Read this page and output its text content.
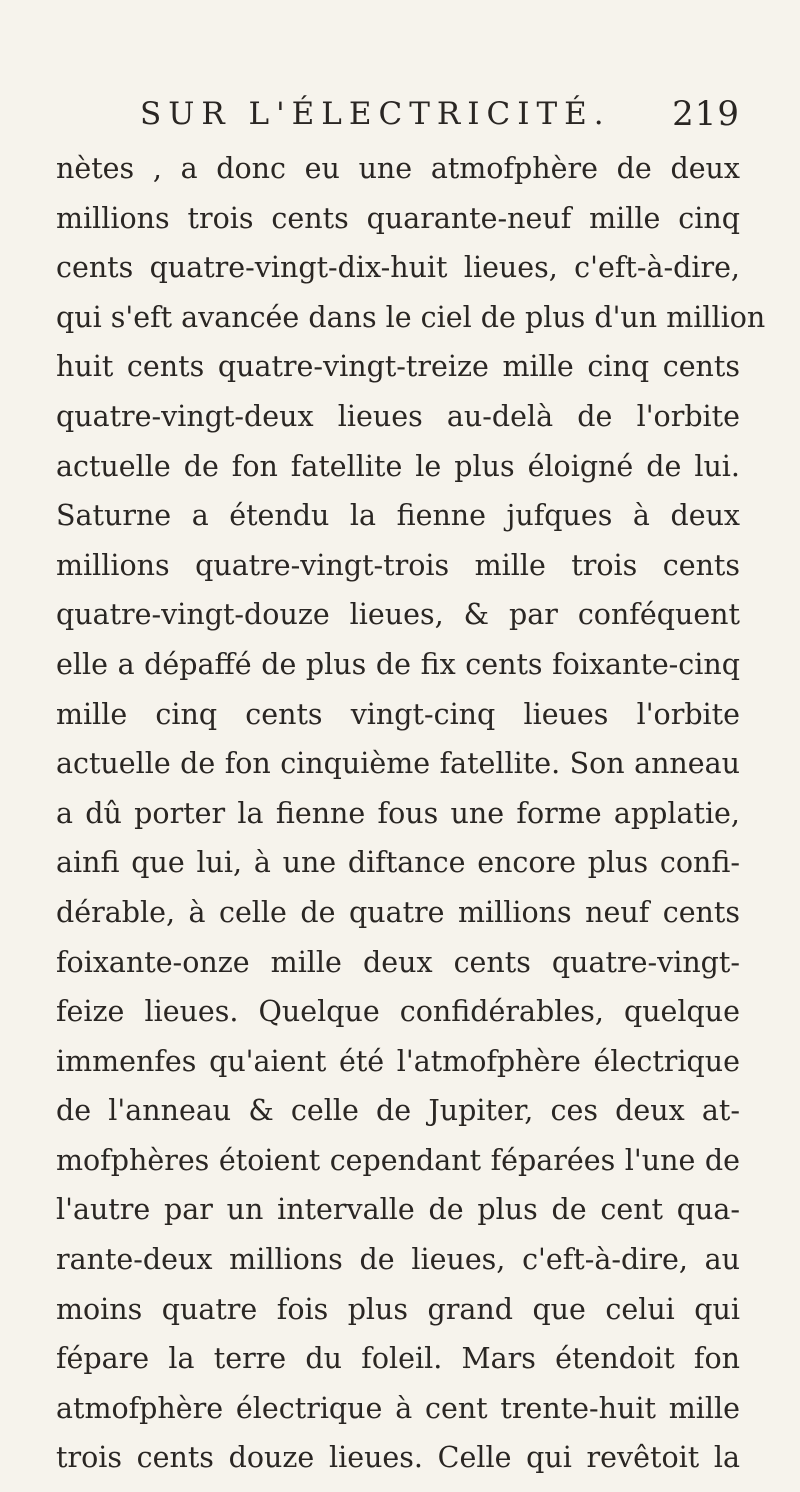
SUR L'ÉLECTRICITÉ. 219
nètes , a donc eu une atmofphère de deux
millions trois cents quarante-neuf mille cinq
cents quatre-vingt-dix-huit lieues, c'eft-à-dire,
qui s'eft avancée dans le ciel de plus d'un million
huit cents quatre-vingt-treize mille cinq cents
quatre-vingt-deux lieues au-delà de l'orbite
actuelle de fon fatellite le plus éloigné de lui.
Saturne a étendu la fienne jufques à deux
millions quatre-vingt-trois mille trois cents
quatre-vingt-douze lieues, & par conféquent
elle a dépaffé de plus de fix cents foixante-cinq
mille cinq cents vingt-cinq lieues l'orbite
actuelle de fon cinquième fatellite. Son anneau
a dû porter la fienne fous une forme applatie,
ainfi que lui, à une diftance encore plus confi-
dérable, à celle de quatre millions neuf cents
foixante-onze mille deux cents quatre-vingt-
feize lieues. Quelque confidérables, quelque
immenfes qu'aient été l'atmofphère électrique
de l'anneau & celle de Jupiter, ces deux at-
mofphères étoient cependant féparées l'une de
l'autre par un intervalle de plus de cent qua-
rante-deux millions de lieues, c'eft-à-dire, au
moins quatre fois plus grand que celui qui
fépare la terre du foleil. Mars étendoit fon
atmofphère électrique à cent trente-huit mille
trois cents douze lieues. Celle qui revêtoit la
